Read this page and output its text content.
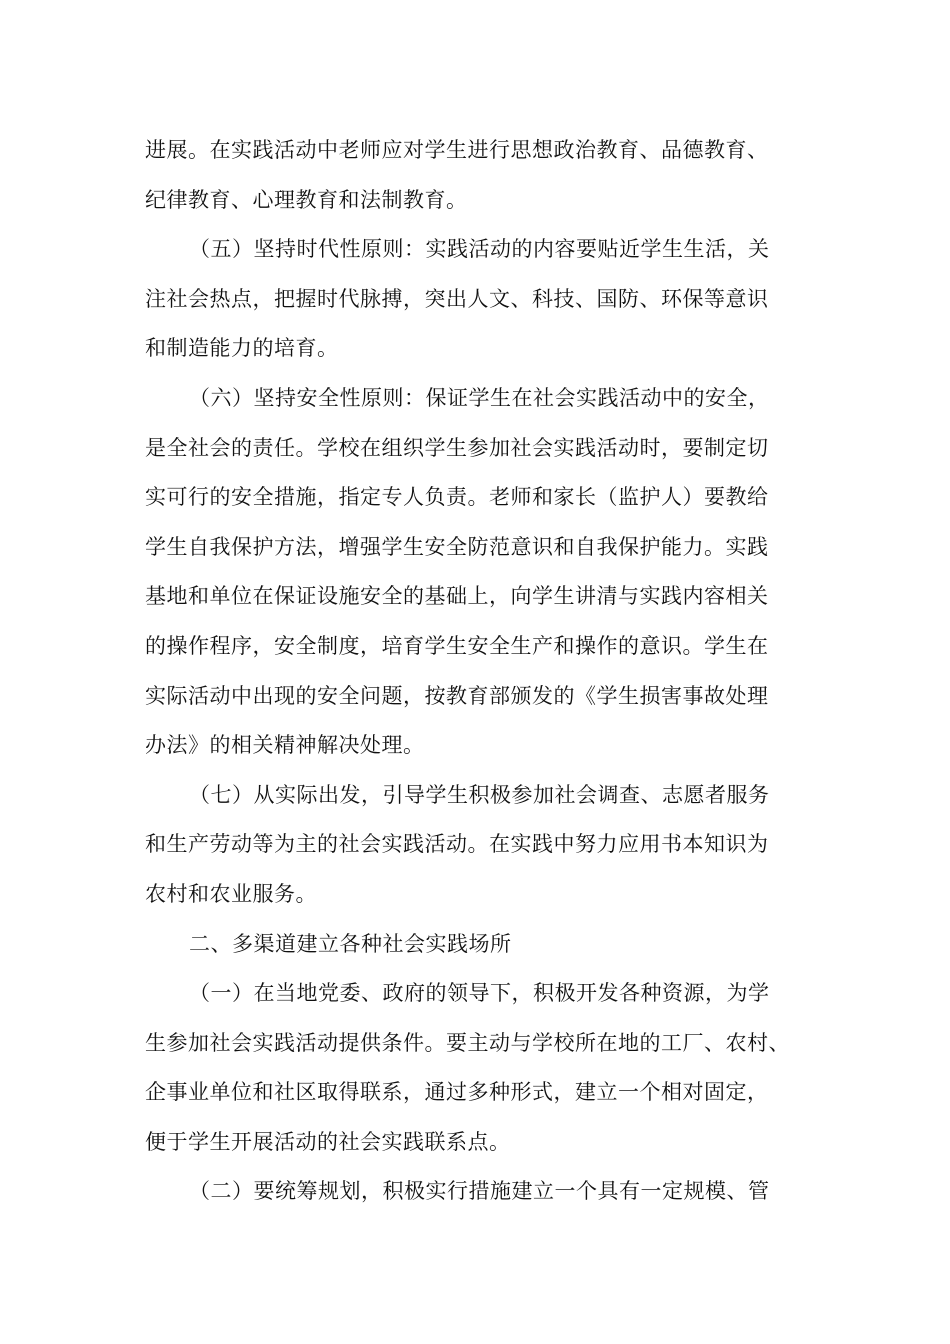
进展。在实践活动中老师应对学生进行思想政治教育、品德教育、
纪律教育、心理教育和法制教育。
（五）坚持时代性原则：实践活动的内容要贴近学生生活，关
注社会热点，把握时代脉搏，突出人文、科技、国防、环保等意识
和制造能力的培育。
（六）坚持安全性原则：保证学生在社会实践活动中的安全，
是全社会的责任。学校在组织学生参加社会实践活动时，要制定切
实可行的安全措施，指定专人负责。老师和家长（监护人）要教给
学生自我保护方法，增强学生安全防范意识和自我保护能力。实践
基地和单位在保证设施安全的基础上，向学生讲清与实践内容相关
的操作程序，安全制度，培育学生安全生产和操作的意识。学生在
实际活动中出现的安全问题，按教育部颁发的《学生损害事故处理
办法》的相关精神解决处理。
（七）从实际出发，引导学生积极参加社会调查、志愿者服务
和生产劳动等为主的社会实践活动。在实践中努力应用书本知识为
农村和农业服务。
二、多渠道建立各种社会实践场所
（一）在当地党委、政府的领导下，积极开发各种资源，为学
生参加社会实践活动提供条件。要主动与学校所在地的工厂、农村、
企事业单位和社区取得联系，通过多种形式，建立一个相对固定，
便于学生开展活动的社会实践联系点。
（二）要统筹规划，积极实行措施建立一个具有一定规模、管
